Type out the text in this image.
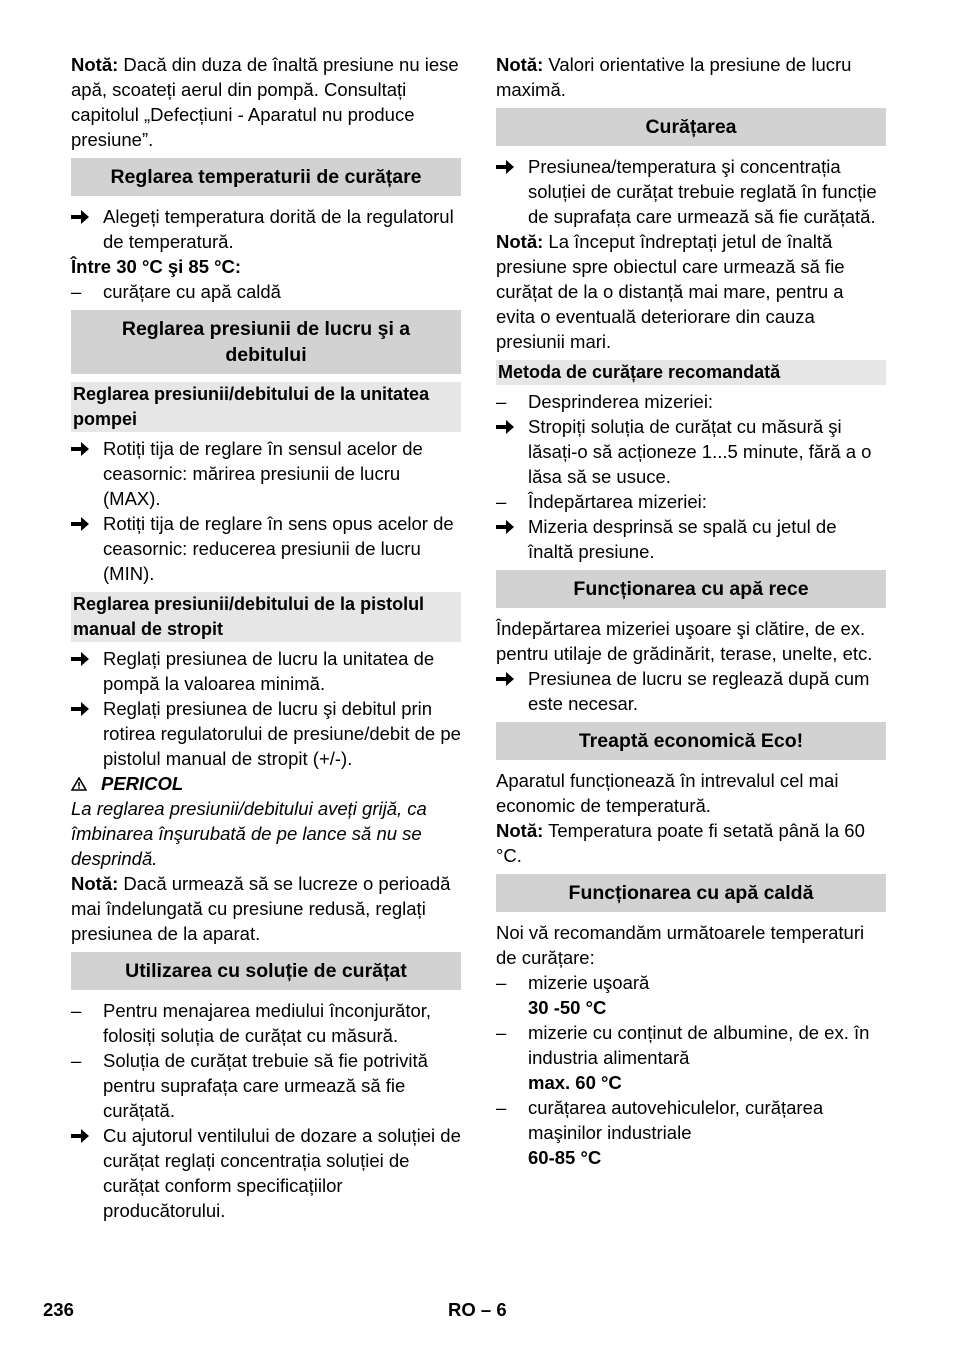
Notă: Dacă din duza de înaltă presiune nu iese apă, scoateți aerul din pompă. Consultați capitolul „Defecțiuni - Aparatul nu produce presiune”.

Reglarea temperaturii de curățare
Alegeți temperatura dorită de la regulatorul de temperatură.

Între 30 °C şi 85 °C:

–	curățare cu apă caldă
Reglarea presiunii de lucru şi a debitului
Reglarea presiunii/debitului de la unitatea pompei
Rotiți tija de reglare în sensul acelor de ceasornic: mărirea presiunii de lucru (MAX).
Rotiți tija de reglare în sens opus acelor de ceasornic: reducerea presiunii de lucru (MIN).
Reglarea presiunii/debitului de la pistolul manual de stropit
Reglați presiunea de lucru la unitatea de pompă la valoarea minimă.
Reglați presiunea de lucru şi debitul prin rotirea regulatorului de presiune/debit de pe pistolul manual de stropit (+/-).
PERICOL

La reglarea presiunii/debitului aveți grijă, ca îmbinarea înşurubată de pe lance să nu se desprindă.

Notă: Dacă urmează să se lucreze o perioadă mai îndelungată cu presiune redusă, reglați presiunea de la aparat.

Utilizarea cu soluție de curățat
–	Pentru menajarea mediului înconjurător, folosiți soluția de curățat cu măsură.
–	Soluția de curățat trebuie să fie potrivită pentru suprafața care urmează să fie curățată.
Cu ajutorul ventilului de dozare a soluției de curățat reglați concentrația soluției de curățat conform specificațiilor producătorului.

Notă: Valori orientative la presiune de lucru maximă.

Curățarea
Presiunea/temperatura şi concentrația soluției de curățat trebuie reglată în funcție de suprafața care urmează să fie curățată.

Notă: La început îndreptați jetul de înaltă presiune spre obiectul care urmează să fie curățat de la o distanță mai mare, pentru a evita o eventuală deteriorare din cauza presiunii mari.

Metoda de curățare recomandată
–	Desprinderea mizeriei:
Stropiți soluția de curățat cu măsură şi lăsați-o să acționeze 1...5 minute, fără a o lăsa să se usuce.
–	Îndepărtarea mizeriei:
Mizeria desprinsă se spală cu jetul de înaltă presiune.
Funcționarea cu apă rece

Îndepărtarea mizeriei uşoare şi clătire, de ex. pentru utilaje de grădinărit, terase, unelte, etc.

Presiunea de lucru se reglează după cum este necesar.
Treaptă economică Eco!

Aparatul funcționează în intrevalul cel mai economic de temperatură.

Notă: Temperatura poate fi setată până la 60 °C.

Funcționarea cu apă caldă

Noi vă recomandăm următoarele temperaturi de curățare:

–	mizerie uşoară

30 -50 °C

–	mizerie cu conținut de albumine, de ex. în industria alimentară

max. 60 °C

–	curățarea autovehiculelor, curățarea maşinilor industriale

60-85 °C

236	RO – 6
